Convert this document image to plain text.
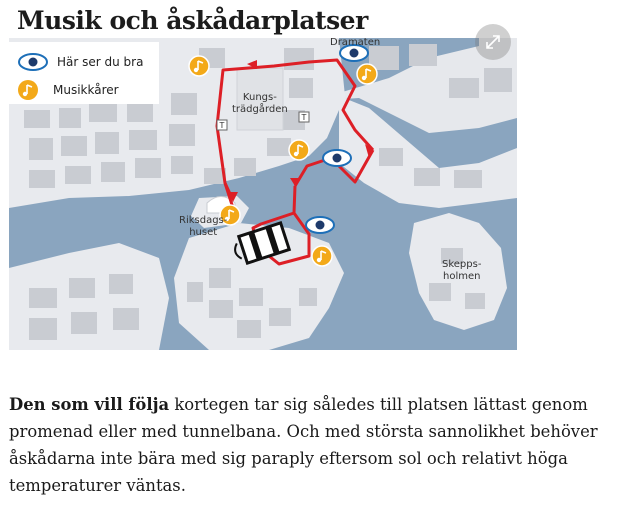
Musik och åskådarplatser
T
T
Dramaten
Kungs-
trädgården
Riksdags-
huset
Skepps-
holmen
Här ser du bra
Musikkårer

Den som vill följa kortegen tar sig således till platsen lättast genom promenad eller med tunnelbana. Och med största sannolikhet behöver åskådarna inte bära med sig paraply eftersom sol och relativt höga temperaturer väntas.
